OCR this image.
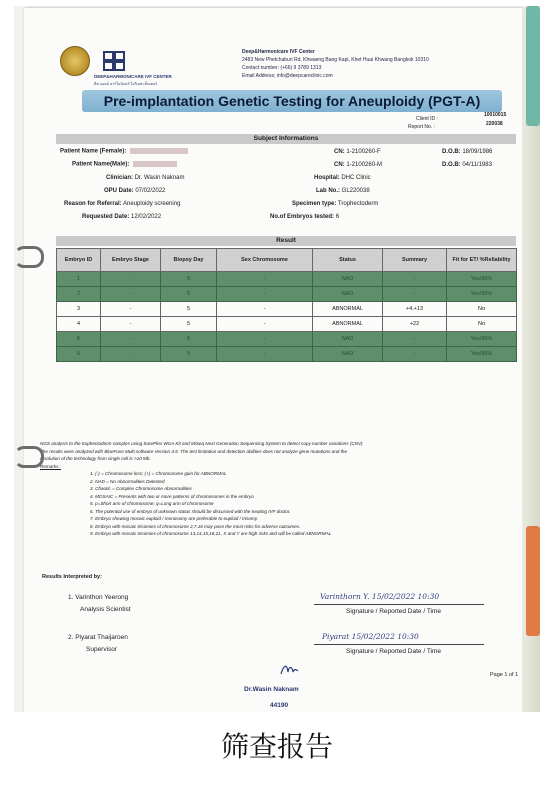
DEEP&HARMONICARE IVF CENTER
ดีพ แอนด์ ฮาร์โมนิแคร์ ไอวีเอฟ เซ็นเตอร์
Deep&Harmonicare IVF Center
2483 New Phetchaburi Rd, Khwaeng Bang Kapi, Khet Huai Khwang Bangkok 10310
Contact number: (+66) 9 3789 1313
Email Address; info@deepcareclinic.com
Pre-implantation Genetic Testing for Aneuploidy (PGT-A)
Client ID :
10010015
Report No. :	220038
Subject Informations
Patient Name (Female):
Patient Name(Male):
CN: 1-2100260-F
CN: 1-2100260-M
D.O.B: 18/09/1986
D.O.B: 04/11/1983
Clinician: Dr. Wasin Naknam
OPU Date: 07/02/2022
Reason for Referral: Aneuploidy screening
Requested Date: 12/02/2022
Hospital: DHC Clinic
Lab No.: GL220038
Specimen type: Trophectoderm
No.of Embryos tested: 6
Result
Embryo ID	Embryo Stage	Biopsy Day	Sex Chromosome	Status	Summary	Fit for ET/ %Reliability
1	-	5	-	NAD	-	Yes/95%
2	-	5	-	NAD	-	Yes/95%
3	-	5	-	ABNORMAL	+4,+13	No
4	-	5	-	ABNORMAL	+22	No
5	-	5	-	NAD	-	Yes/95%
6	-	5	-	NAD	-	Yes/95%
NGS analysis to the trophectoderm samples using SurePlex WGA Kit and MiSeq Next Generation Sequencing System to detect copy number variations (CNV)
The results were analyzed with BlueFuse Multi software Version 4.5. The test limitation and detection abilities does not analyze gene mutations and the
resolution of the technology from single cell is >10 Mb.
Remarks :
1. (-) = Chromosome loss; (+) = Chromosome gain for ABNORMAL
2. NAD = No Abnormalities Detected
3. Chaotic = Complex Chromosome Abnormalities
4. MOSAIC = Presents with two or more patterns of chromosomes in the embryo
5. p=Short arm of chromosome; q=Long arm of chromosome
6. The potential use of embryo of unknown status should be discussed with the treating IVF doctor.
7. Embryo showing mosaic euploid / monosomy are preferable to euploid / trisomy.
8. Embryo with mosaic trisomies of chromosome 2,7,16 may pose the most risks for adverse outcomes.
9. Embryo with mosaic trisomies of chromosome 13,14,15,18,21, X and Y are high risks and will be called ABNORMAL
Results Interpreted by:
1. Varinthon Yeerong
Analysis Scientist
Varinthorn Y. 15/02/2022 10:30
Signature / Reported Date / Time
2. Piyarat Thaijaroen
Supervisor
Piyarat 15/02/2022 10:30
Signature / Reported Date / Time
Page 1 of 1
Dr.Wasin Naknam
44190
筛查报告
